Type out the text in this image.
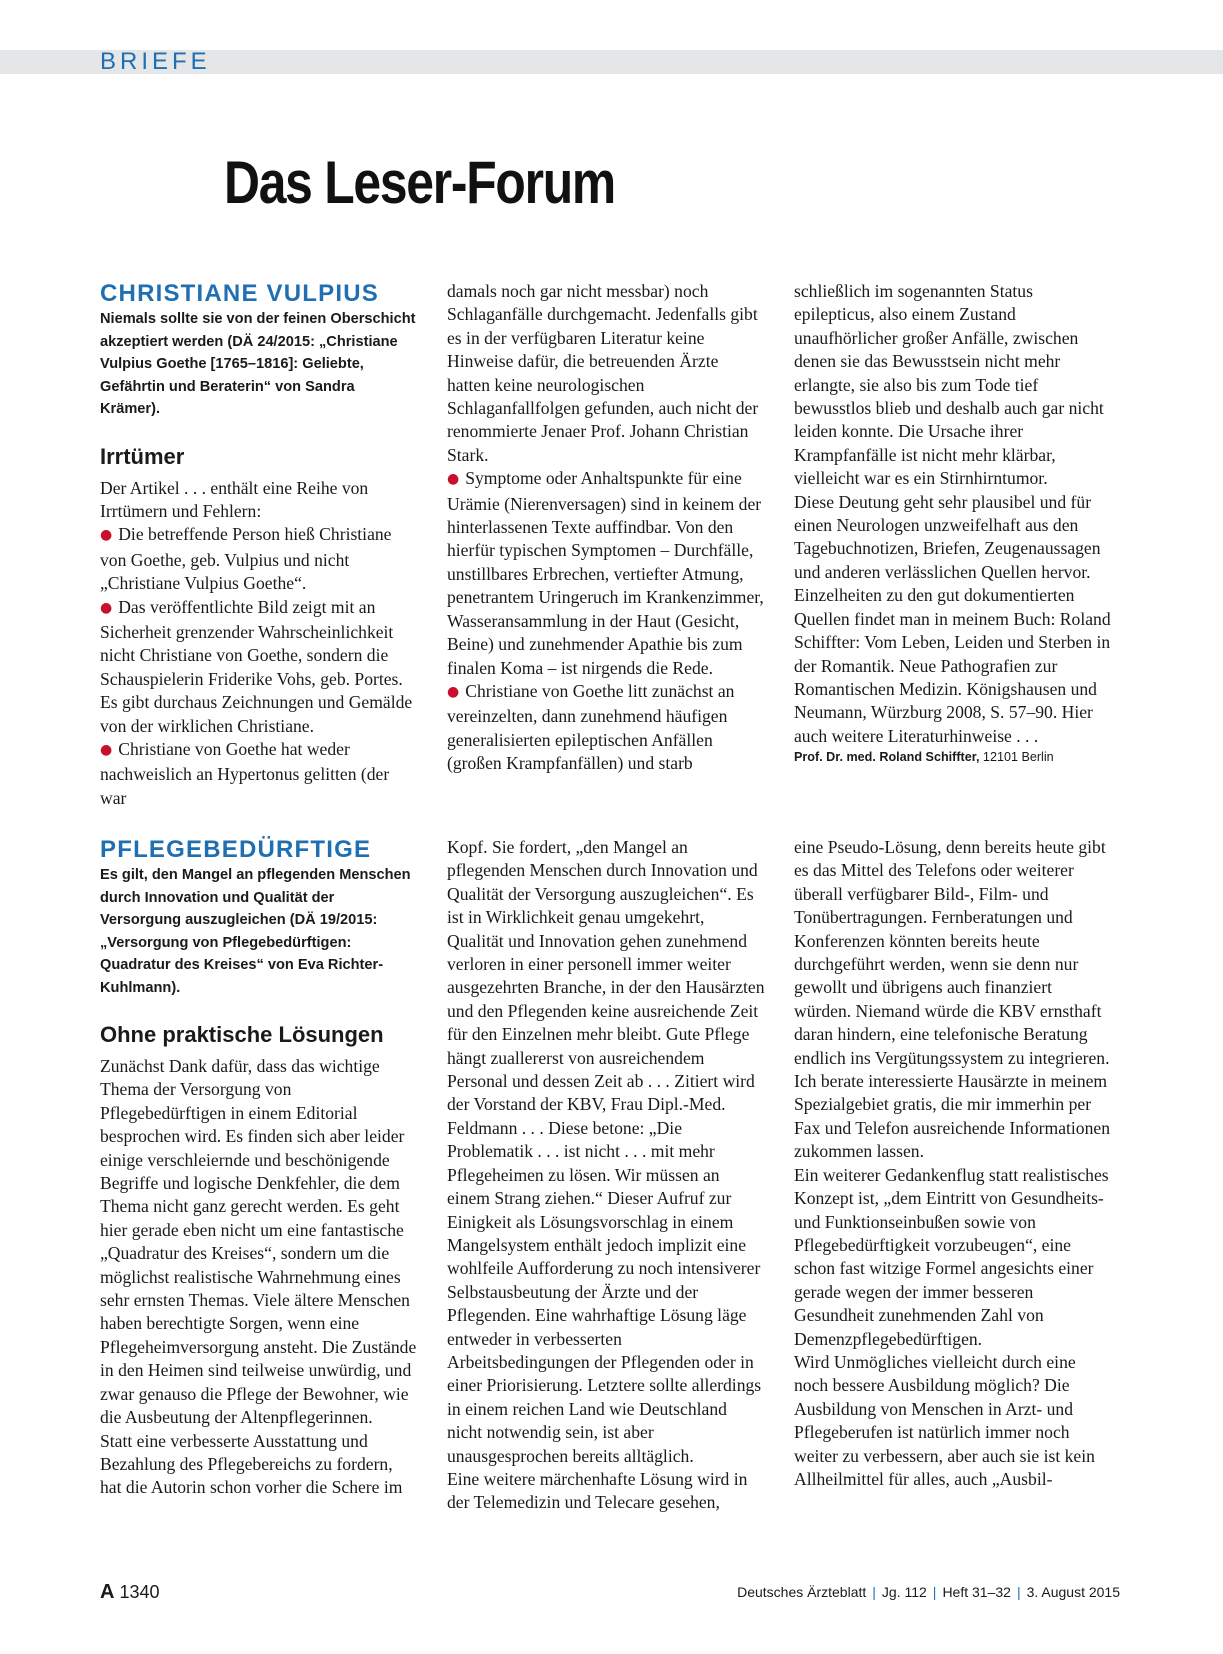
BRIEFE
Das Leser-Forum
CHRISTIANE VULPIUS

Niemals sollte sie von der feinen Oberschicht akzeptiert werden (DÄ 24/2015: „Christiane Vulpius Goethe [1765–1816]: Geliebte, Gefährtin und Beraterin“ von Sandra Krämer).

Irrtümer

Der Artikel . . . enthält eine Reihe von Irrtümern und Fehlern:

● Die betreffende Person hieß Christiane von Goethe, geb. Vulpius und nicht „Christiane Vulpius Goethe“.

● Das veröffentlichte Bild zeigt mit an Sicherheit grenzender Wahrscheinlichkeit nicht Christiane von Goethe, sondern die Schauspielerin Friderike Vohs, geb. Portes. Es gibt durchaus Zeichnungen und Gemälde von der wirklichen Christiane.

● Christiane von Goethe hat weder nachweislich an Hypertonus gelitten (der war

damals noch gar nicht messbar) noch Schlaganfälle durchgemacht. Jedenfalls gibt es in der verfügbaren Literatur keine Hinweise dafür, die betreuenden Ärzte hatten keine neurologischen Schlaganfallfolgen gefunden, auch nicht der renommierte Jenaer Prof. Johann Christian Stark.

● Symptome oder Anhaltspunkte für eine Urämie (Nierenversagen) sind in keinem der hinterlassenen Texte auffindbar. Von den hierfür typischen Symptomen – Durchfälle, unstillbares Erbrechen, vertiefter Atmung, penetrantem Uringeruch im Krankenzimmer, Wasseransammlung in der Haut (Gesicht, Beine) und zunehmender Apathie bis zum finalen Koma – ist nirgends die Rede.

● Christiane von Goethe litt zunächst an vereinzelten, dann zunehmend häufigen generalisierten epileptischen Anfällen (großen Krampfanfällen) und starb

schließlich im sogenannten Status epilepticus, also einem Zustand unaufhörlicher großer Anfälle, zwischen denen sie das Bewusstsein nicht mehr erlangte, sie also bis zum Tode tief bewusstlos blieb und deshalb auch gar nicht leiden konnte. Die Ursache ihrer Krampfanfälle ist nicht mehr klärbar, vielleicht war es ein Stirnhirntumor.

Diese Deutung geht sehr plausibel und für einen Neurologen unzweifelhaft aus den Tagebuchnotizen, Briefen, Zeugenaussagen und anderen verlässlichen Quellen hervor. Einzelheiten zu den gut dokumentierten Quellen findet man in meinem Buch: Roland Schiffter: Vom Leben, Leiden und Sterben in der Romantik. Neue Pathografien zur Romantischen Medizin. Königshausen und Neumann, Würzburg 2008, S. 57–90. Hier auch weitere Literaturhinweise . . .

Prof. Dr. med. Roland Schiffter, 12101 Berlin

PFLEGEBEDÜRFTIGE

Es gilt, den Mangel an pflegenden Menschen durch Innovation und Qualität der Versorgung auszugleichen (DÄ 19/2015: „Versorgung von Pflegebedürftigen: Quadratur des Kreises“ von Eva Richter-Kuhlmann).

Ohne praktische Lösungen

Zunächst Dank dafür, dass das wichtige Thema der Versorgung von Pflegebedürftigen in einem Editorial besprochen wird. Es finden sich aber leider einige verschleiernde und beschönigende Begriffe und logische Denkfehler, die dem Thema nicht ganz gerecht werden. Es geht hier gerade eben nicht um eine fantastische „Quadratur des Kreises“, sondern um die möglichst realistische Wahrnehmung eines sehr ernsten Themas. Viele ältere Menschen haben berechtigte Sorgen, wenn eine Pflegeheimversorgung ansteht. Die Zustände in den Heimen sind teilweise unwürdig, und zwar genauso die Pflege der Bewohner, wie die Ausbeutung der Altenpflegerinnen.

Statt eine verbesserte Ausstattung und Bezahlung des Pflegebereichs zu fordern, hat die Autorin schon vorher die Schere im

Kopf. Sie fordert, „den Mangel an pflegenden Menschen durch Innovation und Qualität der Versorgung auszugleichen“. Es ist in Wirklichkeit genau umgekehrt, Qualität und Innovation gehen zunehmend verloren in einer personell immer weiter ausgezehrten Branche, in der den Hausärzten und den Pflegenden keine ausreichende Zeit für den Einzelnen mehr bleibt. Gute Pflege hängt zuallererst von ausreichendem Personal und dessen Zeit ab . . . Zitiert wird der Vorstand der KBV, Frau Dipl.-Med. Feldmann . . . Diese betone: „Die Problematik . . . ist nicht . . . mit mehr Pflegeheimen zu lösen. Wir müssen an einem Strang ziehen.“ Dieser Aufruf zur Einigkeit als Lösungsvorschlag in einem Mangelsystem enthält jedoch implizit eine wohlfeile Aufforderung zu noch intensiverer Selbstausbeutung der Ärzte und der Pflegenden. Eine wahrhaftige Lösung läge entweder in verbesserten Arbeitsbedingungen der Pflegenden oder in einer Priorisierung. Letztere sollte allerdings in einem reichen Land wie Deutschland nicht notwendig sein, ist aber unausgesprochen bereits alltäglich.

Eine weitere märchenhafte Lösung wird in der Telemedizin und Telecare gesehen,

eine Pseudo-Lösung, denn bereits heute gibt es das Mittel des Telefons oder weiterer überall verfügbarer Bild-, Film- und Tonübertragungen. Fernberatungen und Konferenzen könnten bereits heute durchgeführt werden, wenn sie denn nur gewollt und übrigens auch finanziert würden. Niemand würde die KBV ernsthaft daran hindern, eine telefonische Beratung endlich ins Vergütungssystem zu integrieren. Ich berate interessierte Hausärzte in meinem Spezialgebiet gratis, die mir immerhin per Fax und Telefon ausreichende Informationen zukommen lassen.

Ein weiterer Gedankenflug statt realistisches Konzept ist, „dem Eintritt von Gesundheits- und Funktionseinbußen sowie von Pflegebedürftigkeit vorzubeugen“, eine schon fast witzige Formel angesichts einer gerade wegen der immer besseren Gesundheit zunehmenden Zahl von Demenzpflegebedürftigen.

Wird Unmögliches vielleicht durch eine noch bessere Ausbildung möglich? Die Ausbildung von Menschen in Arzt- und Pflegeberufen ist natürlich immer noch weiter zu verbessern, aber auch sie ist kein Allheilmittel für alles, auch „Ausbil-

A 1340	Deutsches Ärzteblatt | Jg. 112 | Heft 31–32 | 3. August 2015
